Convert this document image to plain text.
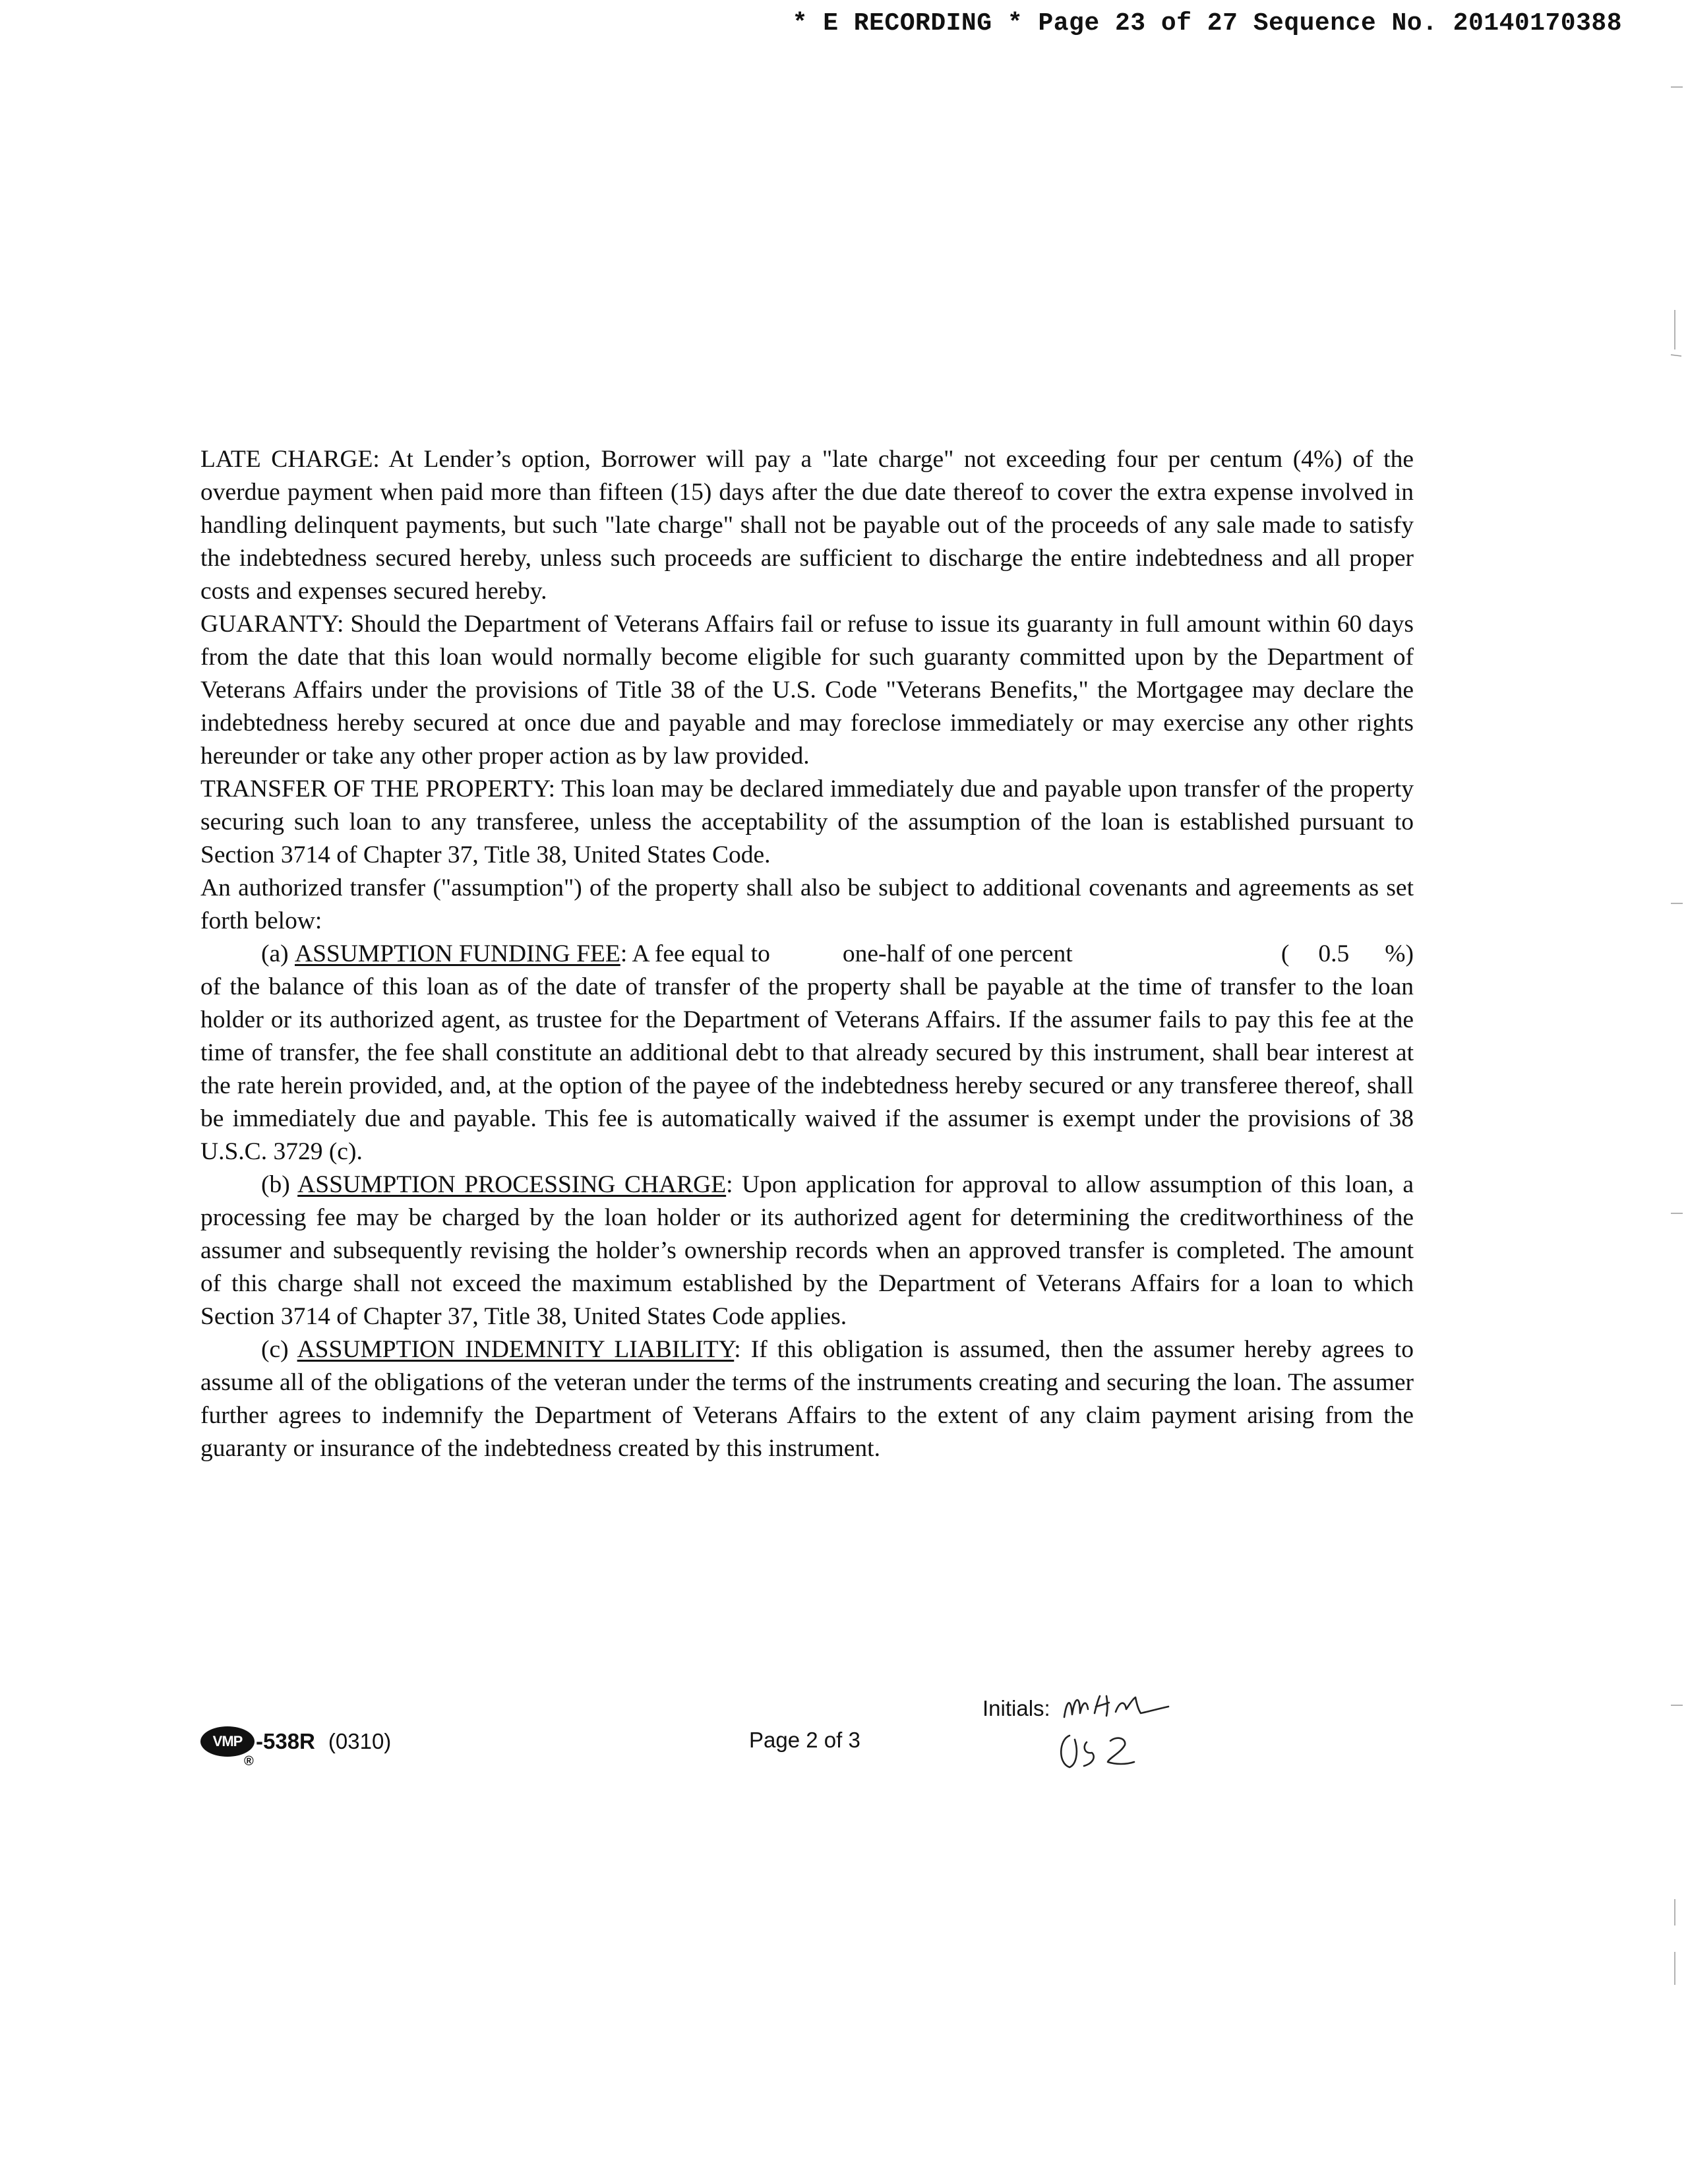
* E RECORDING * Page 23 of 27 Sequence No. 20140170388

LATE CHARGE: At Lender’s option, Borrower will pay a "late charge" not exceeding four per centum (4%) of the overdue payment when paid more than fifteen (15) days after the due date thereof to cover the extra expense involved in handling delinquent payments, but such "late charge" shall not be payable out of the proceeds of any sale made to satisfy the indebtedness secured hereby, unless such proceeds are sufficient to discharge the entire indebtedness and all proper costs and expenses secured hereby.

GUARANTY: Should the Department of Veterans Affairs fail or refuse to issue its guaranty in full amount within 60 days from the date that this loan would normally become eligible for such guaranty committed upon by the Department of Veterans Affairs under the provisions of Title 38 of the U.S. Code "Veterans Benefits," the Mortgagee may declare the indebtedness hereby secured at once due and payable and may foreclose immediately or may exercise any other rights hereunder or take any other proper action as by law provided.

TRANSFER OF THE PROPERTY: This loan may be declared immediately due and payable upon transfer of the property securing such loan to any transferee, unless the acceptability of the assumption of the loan is established pursuant to Section 3714 of Chapter 37, Title 38, United States Code.

An authorized transfer ("assumption") of the property shall also be subject to additional covenants and agreements as set forth below:

(a) ASSUMPTION FUNDING FEE : A fee equal to	one-half of one percent	( 0.5 %)

of the balance of this loan as of the date of transfer of the property shall be payable at the time of transfer to the loan holder or its authorized agent, as trustee for the Department of Veterans Affairs. If the assumer fails to pay this fee at the time of transfer, the fee shall constitute an additional debt to that already secured by this instrument, shall bear interest at the rate herein provided, and, at the option of the payee of the indebtedness hereby secured or any transferee thereof, shall be immediately due and payable. This fee is automatically waived if the assumer is exempt under the provisions of 38 U.S.C. 3729 (c).

(b) ASSUMPTION PROCESSING CHARGE: Upon application for approval to allow assumption of this loan, a processing fee may be charged by the loan holder or its authorized agent for determining the creditworthiness of the assumer and subsequently revising the holder’s ownership records when an approved transfer is completed. The amount of this charge shall not exceed the maximum established by the Department of Veterans Affairs for a loan to which Section 3714 of Chapter 37, Title 38, United States Code applies.

(c) ASSUMPTION INDEMNITY LIABILITY: If this obligation is assumed, then the assumer hereby agrees to assume all of the obligations of the veteran under the terms of the instruments creating and securing the loan. The assumer further agrees to indemnify the Department of Veterans Affairs to the extent of any claim payment arising from the guaranty or insurance of the indebtedness created by this instrument.

VMP -538R (0310)
®
Page 2 of 3
Initials:
